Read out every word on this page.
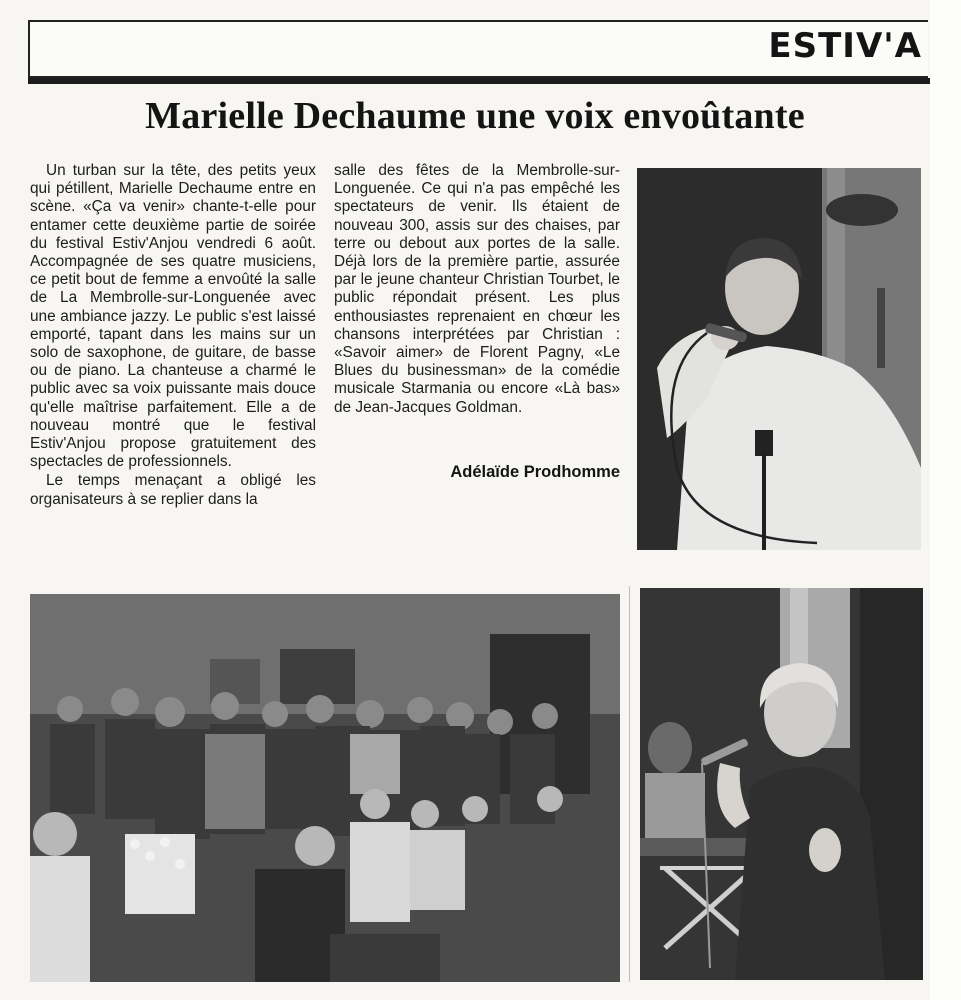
ESTIV'A
Marielle Dechaume une voix envoûtante

Un turban sur la tête, des petits yeux qui pétillent, Marielle Dechaume entre en scène. «Ça va venir» chante-t-elle pour entamer cette deuxième partie de soirée du festival Estiv'Anjou vendredi 6 août. Accompagnée de ses quatre musiciens, ce petit bout de femme a envoûté la salle de La Membrolle-sur-Longuenée avec une ambiance jazzy. Le public s'est laissé emporté, tapant dans les mains sur un solo de saxophone, de guitare, de basse ou de piano. La chanteuse a charmé le public avec sa voix puissante mais douce qu'elle maîtrise parfaitement. Elle a de nouveau montré que le festival Estiv'Anjou propose gratuitement des spectacles de professionnels.

Le temps menaçant a obligé les organisateurs à se replier dans la

salle des fêtes de la Membrolle-sur-Longuenée. Ce qui n'a pas empêché les spectateurs de venir. Ils étaient de nouveau 300, assis sur des chaises, par terre ou debout aux portes de la salle. Déjà lors de la première partie, assurée par le jeune chanteur Christian Tourbet, le public répondait présent. Les plus enthousiastes reprenaient en chœur les chansons interprétées par Christian : «Savoir aimer» de Florent Pagny, «Le Blues du businessman» de la comédie musicale Starmania ou encore «Là bas» de Jean-Jacques Goldman.

Adélaïde Prodhomme
